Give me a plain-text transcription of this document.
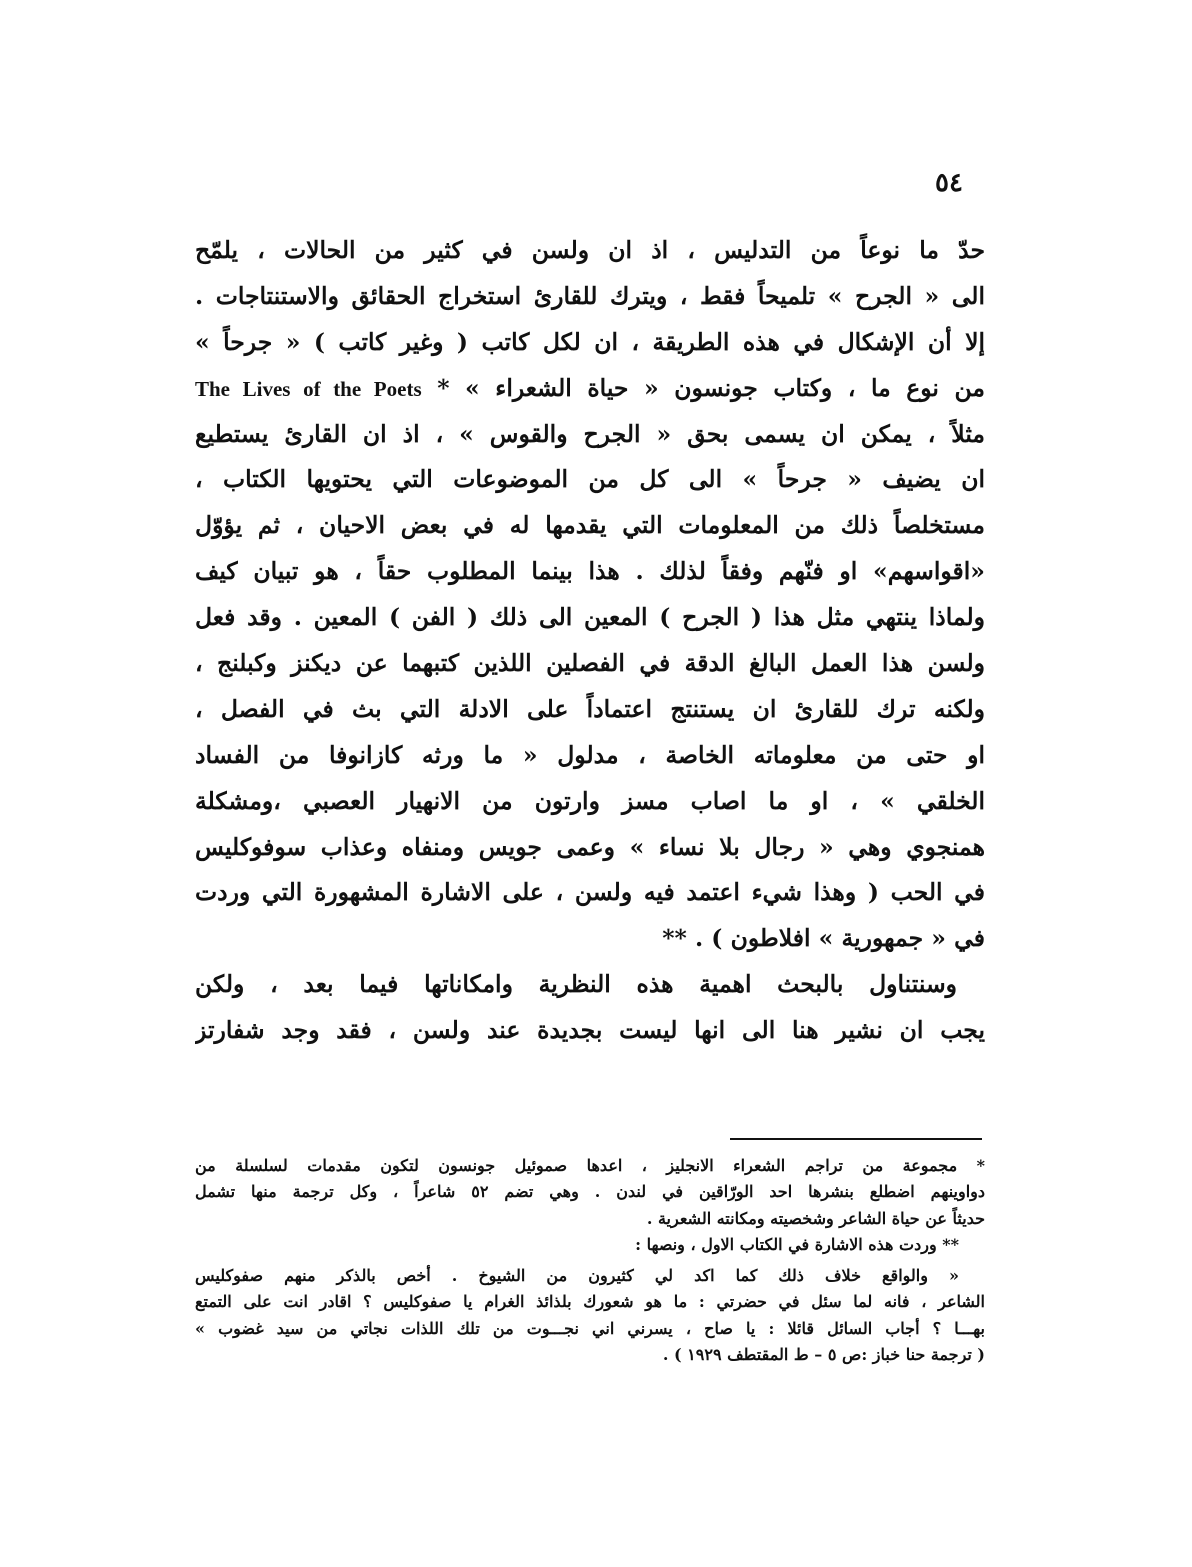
٥٤
حدّ ما نوعاً من التدليس ، اذ ان ولسن في كثير من الحالات ، يلمّح
الى « الجرح » تلميحاً فقط ، ويترك للقارئ استخراج الحقائق والاستنتاجات .
إلا أن الإشكال في هذه الطريقة ، ان لكل كاتب ( وغير كاتب ) « جرحاً »
من نوع ما ، وكتاب جونسون « حياة الشعراء » * The Lives of the Poets
مثلاً ، يمكن ان يسمى بحق « الجرح والقوس » ، اذ ان القارئ يستطيع
ان يضيف « جرحاً » الى كل من الموضوعات التي يحتويها الكتاب ،
مستخلصاً ذلك من المعلومات التي يقدمها له في بعض الاحيان ، ثم يؤوّل
«اقواسهم» او فنّهم وفقاً لذلك . هذا بينما المطلوب حقاً ، هو تبيان كيف
ولماذا ينتهي مثل هذا ( الجرح ) المعين الى ذلك ( الفن ) المعين . وقد فعل
ولسن هذا العمل البالغ الدقة في الفصلين اللذين كتبهما عن ديكنز وكبلنج ،
ولكنه ترك للقارئ ان يستنتج اعتماداً على الادلة التي بث في الفصل ،
او حتى من معلوماته الخاصة ، مدلول « ما ورثه كازانوفا من الفساد
الخلقي » ، او ما اصاب مسز وارتون من الانهيار العصبي ،ومشكلة
همنجوي وهي « رجال بلا نساء » وعمى جويس ومنفاه وعذاب سوفوكليس
في الحب ( وهذا شيء اعتمد فيه ولسن ، على الاشارة المشهورة التي وردت
في « جمهورية » افلاطون ) . **
وسنتناول بالبحث اهمية هذه النظرية وامكاناتها فيما بعد ، ولكن
يجب ان نشير هنا الى انها ليست بجديدة عند ولسن ، فقد وجد شفارتز
* مجموعة من تراجم الشعراء الانجليز ، اعدها صموئيل جونسون لتكون مقدمات لسلسلة من
دواوينهم اضطلع بنشرها احد الورّاقين في لندن . وهي تضم ٥٢ شاعراً ، وكل ترجمة منها تشمل
حديثاً عن حياة الشاعر وشخصيته ومكانته الشعرية .
** وردت هذه الاشارة في الكتاب الاول ، ونصها :
« والواقع خلاف ذلك كما اكد لي كثيرون من الشيوخ . أخص بالذكر منهم صفوكليس
الشاعر ، فانه لما سئل في حضرتي : ما هو شعورك بلذائذ الغرام يا صفوكليس ؟ اقادر انت على التمتع
بهـــا ؟ أجاب السائل قائلا : يا صاح ، يسرني اني نجـــوت من تلك اللذات نجاتي من سيد غضوب »
( ترجمة حنا خباز :ص ٥ – ط المقتطف ١٩٢٩ ) .
